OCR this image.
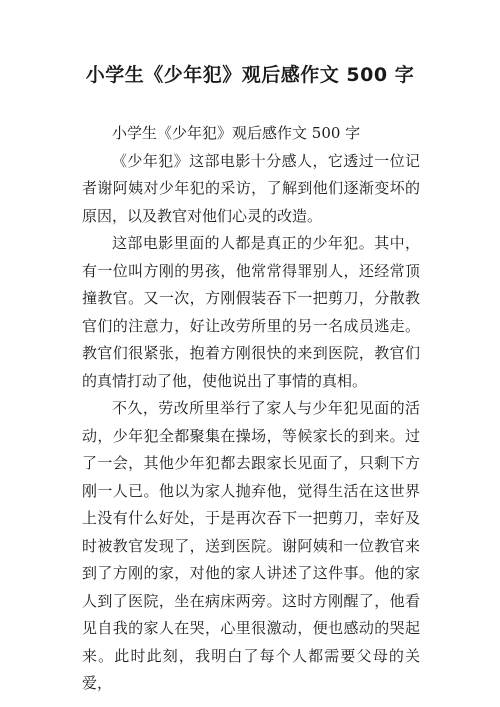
小学生《少年犯》观后感作文 500 字

小学生《少年犯》观后感作文 500 字

《少年犯》这部电影十分感人，它透过一位记者谢阿姨对少年犯的采访，了解到他们逐渐变坏的原因，以及教官对他们心灵的改造。

这部电影里面的人都是真正的少年犯。其中，有一位叫方刚的男孩，他常常得罪别人，还经常顶撞教官。又一次，方刚假装吞下一把剪刀，分散教官们的注意力，好让改劳所里的另一名成员逃走。教官们很紧张，抱着方刚很快的来到医院，教官们的真情打动了他，使他说出了事情的真相。

不久，劳改所里举行了家人与少年犯见面的活动，少年犯全都聚集在操场，等候家长的到来。过了一会，其他少年犯都去跟家长见面了，只剩下方刚一人已。他以为家人抛弃他，觉得生活在这世界上没有什么好处，于是再次吞下一把剪刀，幸好及时被教官发现了，送到医院。谢阿姨和一位教官来到了方刚的家，对他的家人讲述了这件事。他的家人到了医院，坐在病床两旁。这时方刚醒了，他看见自我的家人在哭，心里很激动，便也感动的哭起来。此时此刻，我明白了每个人都需要父母的关爱，
